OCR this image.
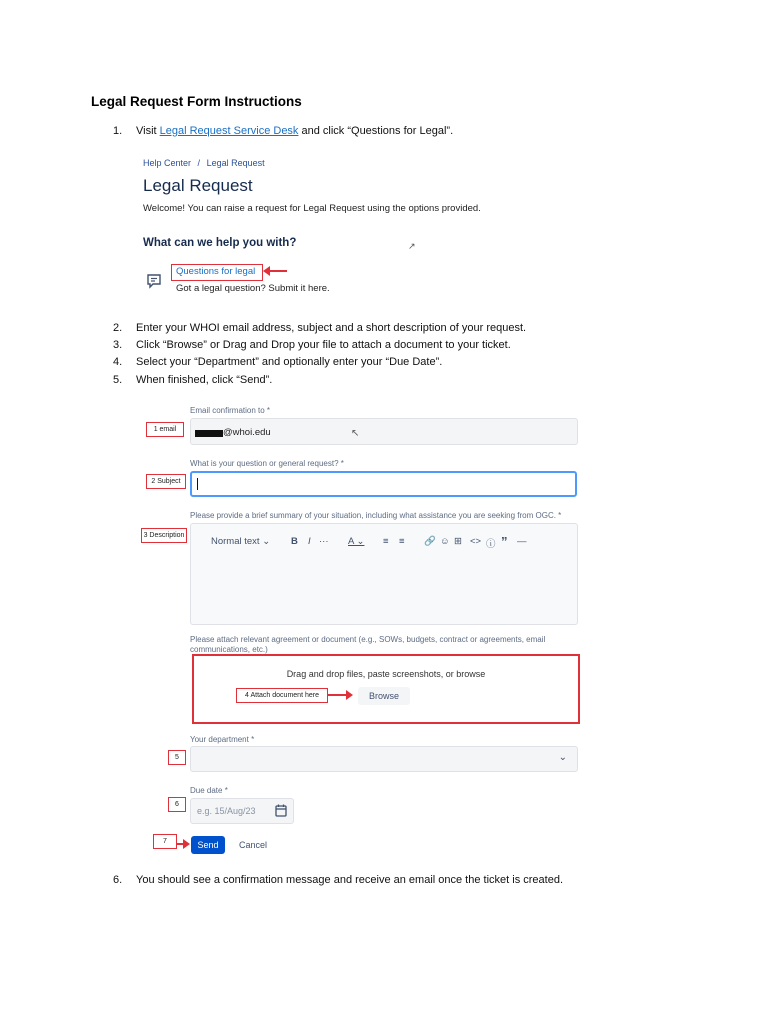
Legal Request Form Instructions
1. Visit Legal Request Service Desk and click “Questions for Legal”.
Help Center / Legal Request
Legal Request
Welcome! You can raise a request for Legal Request using the options provided.
What can we help you with?	↗
Questions for legal
Got a legal question? Submit it here.
2. Enter your WHOI email address, subject and a short description of your request.
3. Click “Browse” or Drag and Drop your file to attach a document to your ticket.
4. Select your “Department” and optionally enter your “Due Date”.
5. When finished, click “Send”.
Email confirmation to *
@whoi.edu	↖
1 email
What is your question or general request? *
2 Subject
Please provide a brief summary of your situation, including what assistance you are seeking from OGC. *
Normal text ⌄ B I ··· A ⌄ ≡ ≡ 🔗 ☺ ⊞ <> ⓘ ” —
3 Description
Please attach relevant agreement or document (e.g., SOWs, budgets, contract or agreements, email
communications, etc.)
Drag and drop files, paste screenshots, or browse
Browse
4 Attach document here
Your department *
⌄
5
Due date *
e.g. 15/Aug/23
6
Send	Cancel
7
6. You should see a confirmation message and receive an email once the ticket is created.
